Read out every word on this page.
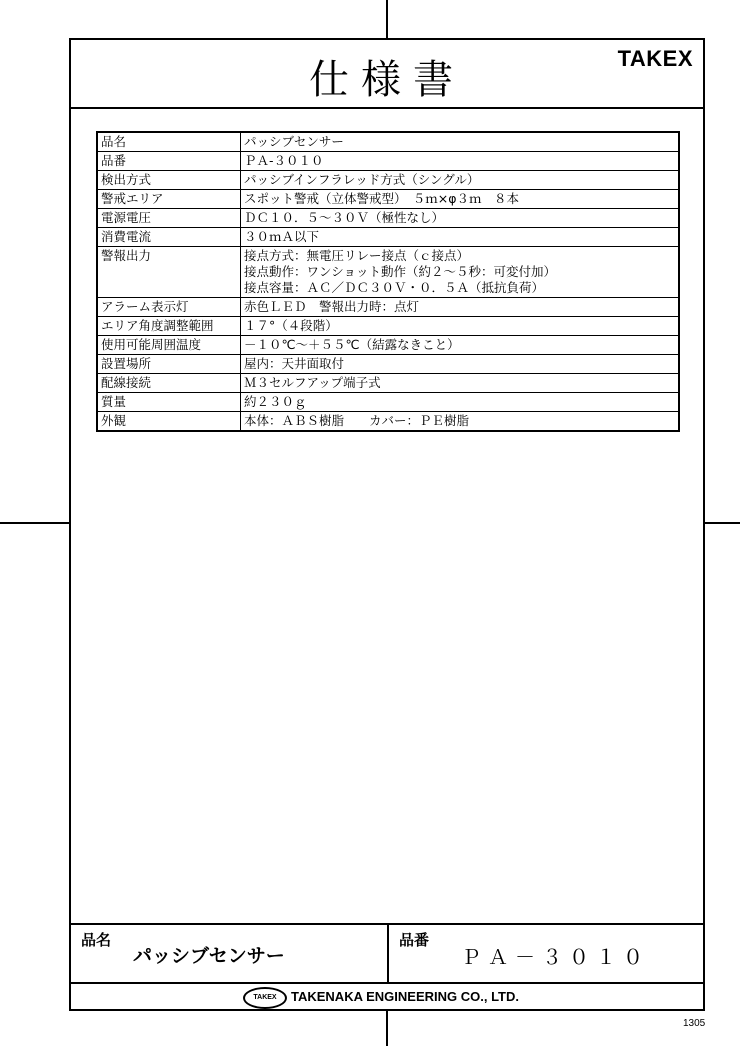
仕様書	TAKEX
品名	パッシブセンサー

品番	ＰＡ-３０１０

検出方式	パッシブインフラレッド方式（シングル）

警戒エリア	スポット警戒（立体警戒型）　５ｍ×φ３ｍ　８本

電源電圧	ＤＣ１０．５～３０Ｖ（極性なし）

消費電流	３０ｍＡ以下

警報出力	接点方式：無電圧リレー接点（ｃ接点）
接点動作：ワンショット動作（約２～５秒：可変付加）
接点容量：ＡＣ／ＤＣ３０Ｖ・０．５Ａ（抵抗負荷）

アラーム表示灯	赤色ＬＥＤ　警報出力時：点灯

エリア角度調整範囲	１７°（４段階）

使用可能周囲温度	－１０℃～＋５５℃（結露なきこと）

設置場所	屋内：天井面取付

配線接続	Ｍ３セルフアップ端子式

質量	約２３０ｇ

外観	本体：ＡＢＳ樹脂　　カバー：ＰＥ樹脂
品名
パッシブセンサー
品番
ＰＡ－３０１０
TAKEX	TAKENAKA ENGINEERING CO., LTD.
1305
